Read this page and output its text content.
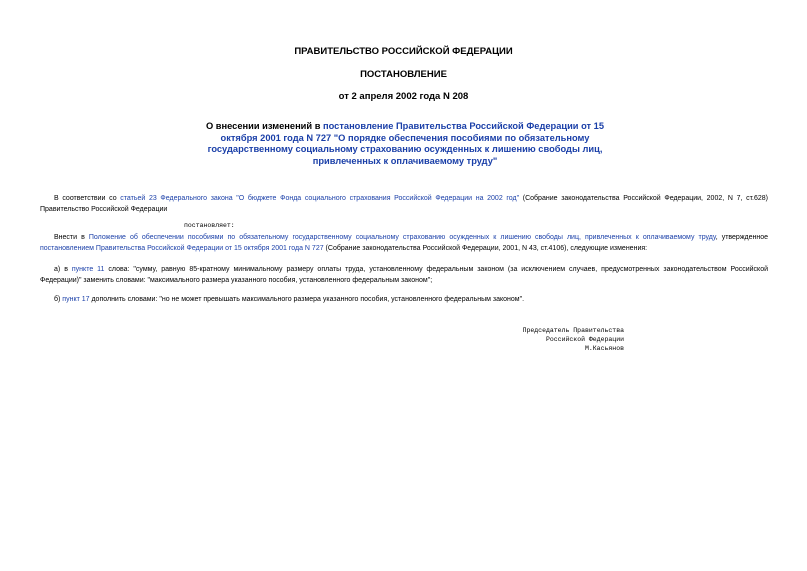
ПРАВИТЕЛЬСТВО РОССИЙСКОЙ ФЕДЕРАЦИИ
ПОСТАНОВЛЕНИЕ
от 2 апреля 2002 года N 208
О внесении изменений в постановление Правительства Российской Федерации от 15 октября 2001 года N 727 "О порядке обеспечения пособиями по обязательному государственному социальному страхованию осужденных к лишению свободы лиц, привлеченных к оплачиваемому труду"
В соответствии со статьей 23 Федерального закона "О бюджете Фонда социального страхования Российской Федерации на 2002 год" (Собрание законодательства Российской Федерации, 2002, N 7, ст.628) Правительство Российской Федерации
постановляет:
Внести в Положение об обеспечении пособиями по обязательному государственному социальному страхованию осужденных к лишению свободы лиц, привлеченных к оплачиваемому труду, утвержденное постановлением Правительства Российской Федерации от 15 октября 2001 года N 727 (Собрание законодательства Российской Федерации, 2001, N 43, ст.4106), следующие изменения:
а) в пункте 11 слова: "сумму, равную 85-кратному минимальному размеру оплаты труда, установленному федеральным законом (за исключением случаев, предусмотренных законодательством Российской Федерации)" заменить словами: "максимального размера указанного пособия, установленного федеральным законом";
б) пункт 17 дополнить словами: "но не может превышать максимального размера указанного пособия, установленного федеральным законом".
Председатель Правительства
Российской Федерации
М.Касьянов
